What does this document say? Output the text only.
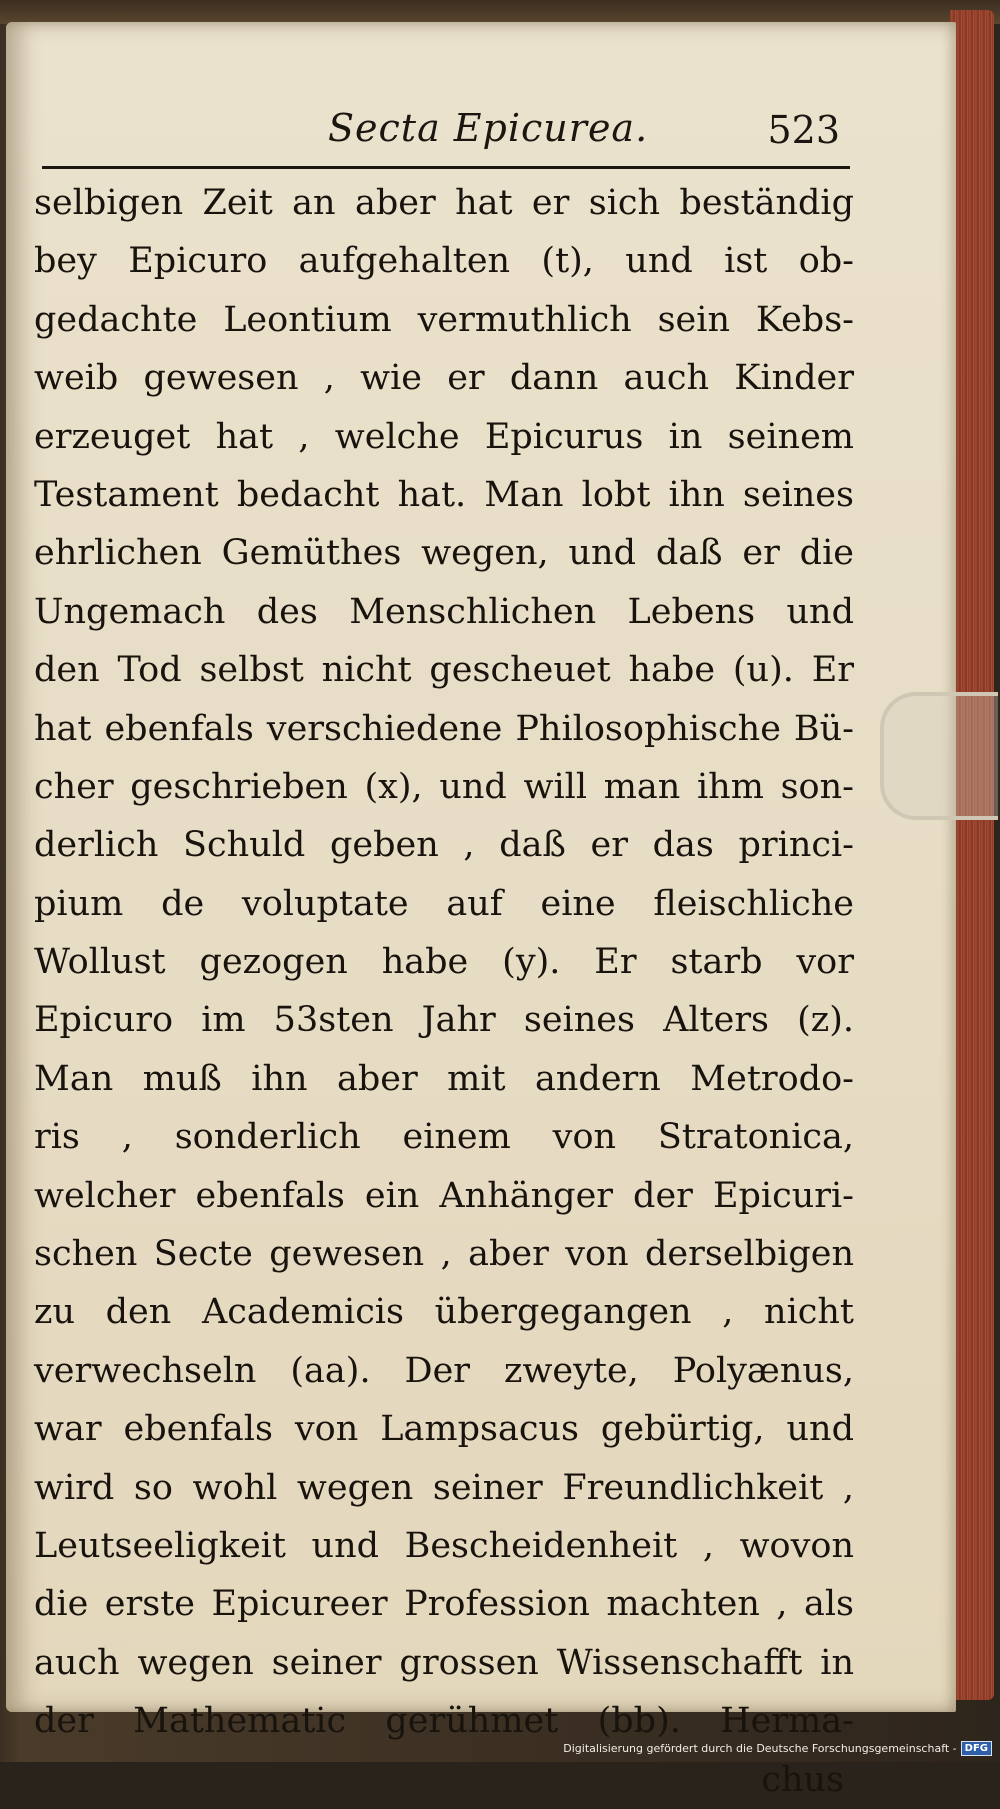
Secta Epicurea.	523
selbigen Zeit an aber hat er sich beständig
bey Epicuro aufgehalten (t), und ist ob-
gedachte Leontium vermuthlich sein Kebs-
weib gewesen , wie er dann auch Kinder
erzeuget hat , welche Epicurus in seinem
Testament bedacht hat. Man lobt ihn seines
ehrlichen Gemüthes wegen, und daß er die
Ungemach des Menschlichen Lebens und
den Tod selbst nicht gescheuet habe (u). Er
hat ebenfals verschiedene Philosophische Bü-
cher geschrieben (x), und will man ihm son-
derlich Schuld geben , daß er das princi-
pium de voluptate auf eine fleischliche
Wollust gezogen habe (y). Er starb vor
Epicuro im 53sten Jahr seines Alters (z).
Man muß ihn aber mit andern Metrodo-
ris , sonderlich einem von Stratonica,
welcher ebenfals ein Anhänger der Epicuri-
schen Secte gewesen , aber von derselbigen
zu den Academicis übergegangen , nicht
verwechseln (aa). Der zweyte, Polyænus,
war ebenfals von Lampsacus gebürtig, und
wird so wohl wegen seiner Freundlichkeit ,
Leutseeligkeit und Bescheidenheit , wovon
die erste Epicureer Profession machten , als
auch wegen seiner grossen Wissenschafft in
der Mathematic gerühmet (bb). Herma-
chus
Digitalisierung gefördert durch die Deutsche Forschungsgemeinschaft - DFG
